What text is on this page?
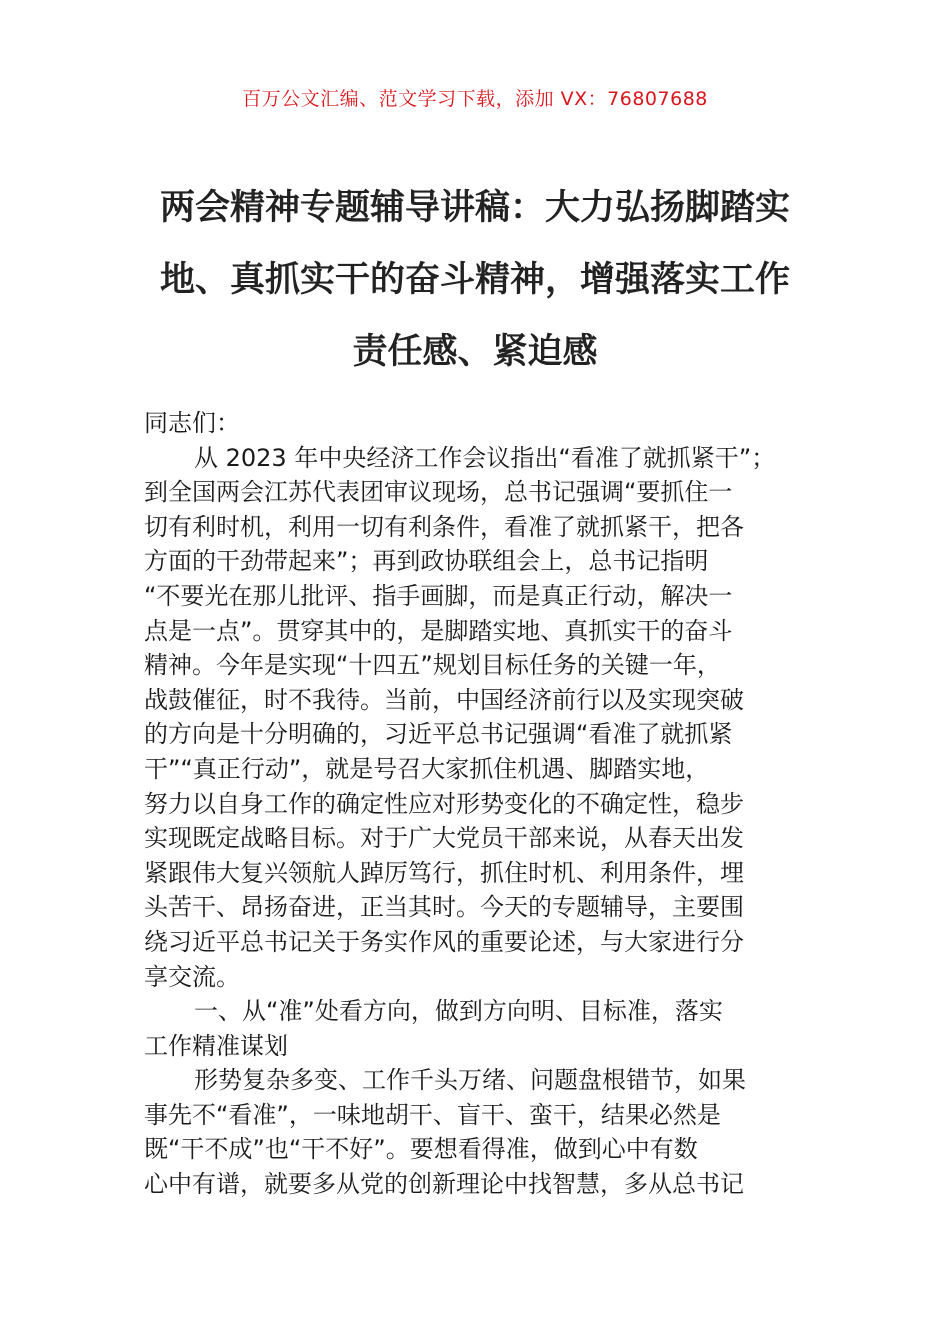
百万公文汇编、范文学习下载，添加 VX：76807688
两会精神专题辅导讲稿：大力弘扬脚踏实
地、真抓实干的奋斗精神，增强落实工作
责任感、紧迫感
同志们：
从 2023 年中央经济工作会议指出“看准了就抓紧干”；
到全国两会江苏代表团审议现场，总书记强调“要抓住一
切有利时机，利用一切有利条件，看准了就抓紧干，把各
方面的干劲带起来”；再到政协联组会上，总书记指明
“不要光在那儿批评、指手画脚，而是真正行动，解决一
点是一点”。贯穿其中的，是脚踏实地、真抓实干的奋斗
精神。今年是实现“十四五”规划目标任务的关键一年，
战鼓催征，时不我待。当前，中国经济前行以及实现突破
的方向是十分明确的，习近平总书记强调“看准了就抓紧
干”“真正行动”，就是号召大家抓住机遇、脚踏实地，
努力以自身工作的确定性应对形势变化的不确定性，稳步
实现既定战略目标。对于广大党员干部来说，从春天出发
紧跟伟大复兴领航人踔厉笃行，抓住时机、利用条件，埋
头苦干、昂扬奋进，正当其时。今天的专题辅导，主要围
绕习近平总书记关于务实作风的重要论述，与大家进行分
享交流。
一、从“准”处看方向，做到方向明、目标准，落实
工作精准谋划
形势复杂多变、工作千头万绪、问题盘根错节，如果
事先不“看准”，一味地胡干、盲干、蛮干，结果必然是
既“干不成”也“干不好”。要想看得准，做到心中有数
心中有谱，就要多从党的创新理论中找智慧，多从总书记
